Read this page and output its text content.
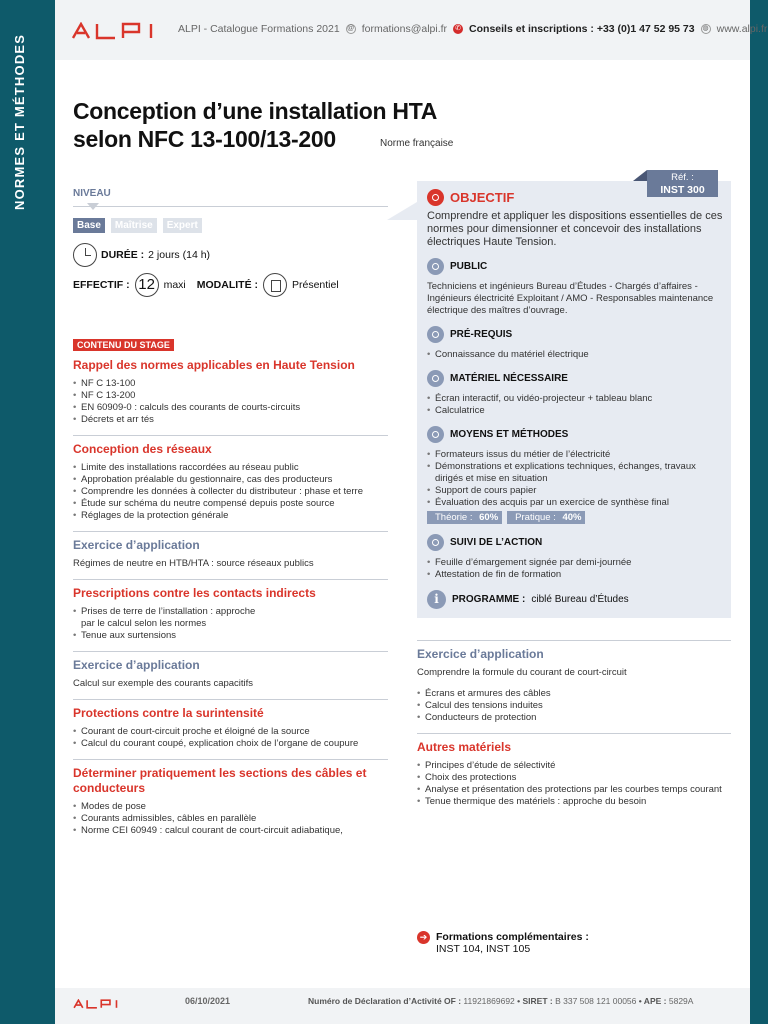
NORMES ET MÉTHODES
ALPI - Catalogue Formations 2021 @ formations@alpi.fr ✆ Conseils et inscriptions : +33 (0)1 47 52 95 73 ◍ www.alpi.fr
Conception d’une installation HTA
selon NFC 13-100/13-200	Norme française
NIVEAU
Base	Maîtrise	Expert
DURÉE : 2 jours (14 h)
EFFECTIF : 12 maxi MODALITÉ :	Présentiel
CONTENU DU STAGE
Rappel des normes applicables en Haute Tension
• NF C 13-100
• NF C 13-200
• EN 60909-0 : calculs des courants de courts-circuits
• Décrets et arr tés
Conception des réseaux
• Limite des installations raccordées au réseau public
• Approbation préalable du gestionnaire, cas des producteurs
• Comprendre les données à collecter du distributeur : phase et terre
• Étude sur schéma du neutre compensé depuis poste source
• Réglages de la protection générale
Exercice d’application
Régimes de neutre en HTB/HTA : source réseaux publics
Prescriptions contre les contacts indirects
• Prises de terre de l’installation : approche par le calcul selon les normes
• Tenue aux surtensions
Exercice d’application
Calcul sur exemple des courants capacitifs
Protections contre la surintensité
• Courant de court-circuit proche et éloigné de la source
• Calcul du courant coupé, explication choix de l’organe de coupure
Déterminer pratiquement les sections des câbles et conducteurs
• Modes de pose
• Courants admissibles, câbles en parallèle
• Norme CEI 60949 : calcul courant de court-circuit adiabatique,
Réf. :
INST 300
OBJECTIF
Comprendre et appliquer les dispositions essentielles de ces normes pour dimensionner et concevoir des installations électriques Haute Tension.
PUBLIC
Techniciens et ingénieurs Bureau d’Études - Chargés d’affaires - Ingénieurs électricité Exploitant / AMO - Responsables maintenance électrique des maîtres d’ouvrage.
PRÉ-REQUIS
• Connaissance du matériel électrique
MATÉRIEL NÉCESSAIRE
• Écran interactif, ou vidéo-projecteur + tableau blanc
• Calculatrice
MOYENS ET MÉTHODES
• Formateurs issus du métier de l’électricité
• Démonstrations et explications techniques, échanges, travaux dirigés et mise en situation
• Support de cours papier
• Évaluation des acquis par un exercice de synthèse final
Théorie : 60%	Pratique : 40%
SUIVI DE L’ACTION
• Feuille d’émargement signée par demi-journée
• Attestation de fin de formation
i	PROGRAMME : ciblé Bureau d’Études
Exercice d’application
Comprendre la formule du courant de court-circuit
• Écrans et armures des câbles
• Calcul des tensions induites
• Conducteurs de protection
Autres matériels
• Principes d’étude de sélectivité
• Choix des protections
• Analyse et présentation des protections par les courbes temps courant
• Tenue thermique des matériels : approche du besoin
➔ Formations complémentaires :
INST 104, INST 105
06/10/2021	Numéro de Déclaration d’Activité OF : 11921869692 • SIRET : B 337 508 121 00056 • APE : 5829A
